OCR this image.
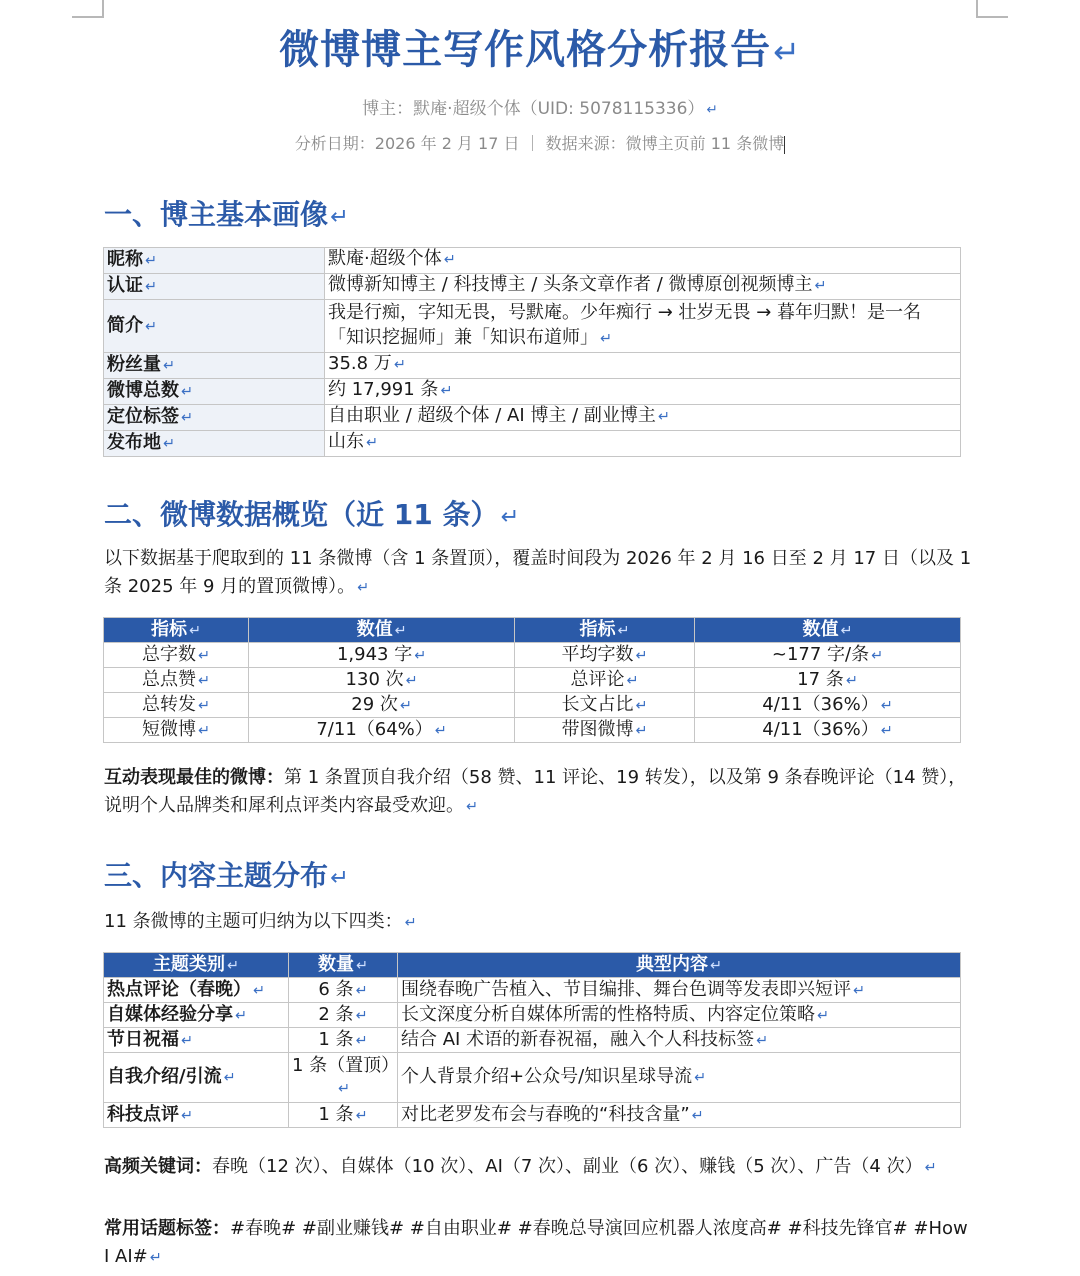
微博博主写作风格分析报告↵
博主：默庵·超级个体（UID: 5078115336） ↵
分析日期：2026 年 2 月 17 日 ｜ 数据来源：微博主页前 11 条微博
一、博主基本画像↵
昵称 ↵	默庵·超级个体 ↵
认证 ↵	微博新知博主 / 科技博主 / 头条文章作者 / 微博原创视频博主 ↵
简介 ↵	我是行痴，字知无畏，号默庵。少年痴行 → 壮岁无畏 → 暮年归默！是一名「知识挖掘师」兼「知识布道师」 ↵
粉丝量 ↵	35.8 万 ↵
微博总数 ↵	约 17,991 条 ↵
定位标签 ↵	自由职业 / 超级个体 / AI 博主 / 副业博主 ↵
发布地 ↵	山东 ↵
二、微博数据概览（近 11 条）↵

以下数据基于爬取到的 11 条微博（含 1 条置顶），覆盖时间段为 2026 年 2 月 16 日至 2 月 17 日（以及 1 条 2025 年 9 月的置顶微博）。 ↵

指标 ↵	数值 ↵	指标 ↵	数值 ↵
总字数 ↵	1,943 字 ↵	平均字数 ↵	~177 字/条 ↵
总点赞 ↵	130 次 ↵	总评论 ↵	17 条 ↵
总转发 ↵	29 次 ↵	长文占比 ↵	4/11（36%） ↵
短微博 ↵	7/11（64%） ↵	带图微博 ↵	4/11（36%） ↵

互动表现最佳的微博：第 1 条置顶自我介绍（58 赞、11 评论、19 转发），以及第 9 条春晚评论（14 赞），说明个人品牌类和犀利点评类内容最受欢迎。 ↵

三、内容主题分布↵

11 条微博的主题可归纳为以下四类： ↵

主题类别 ↵	数量 ↵	典型内容 ↵
热点评论（春晚） ↵	6 条 ↵	围绕春晚广告植入、节目编排、舞台色调等发表即兴短评 ↵
自媒体经验分享 ↵	2 条 ↵	长文深度分析自媒体所需的性格特质、内容定位策略 ↵
节日祝福 ↵	1 条 ↵	结合 AI 术语的新春祝福，融入个人科技标签 ↵
自我介绍/引流 ↵	1 条（置顶）↵	个人背景介绍+公众号/知识星球导流 ↵
科技点评 ↵	1 条 ↵	对比老罗发布会与春晚的“科技含量” ↵

高频关键词：春晚（12 次）、自媒体（10 次）、AI（7 次）、副业（6 次）、赚钱（5 次）、广告（4 次） ↵

常用话题标签：#春晚# #副业赚钱# #自由职业# #春晚总导演回应机器人浓度高# #科技先锋官# #How I AI# ↵
